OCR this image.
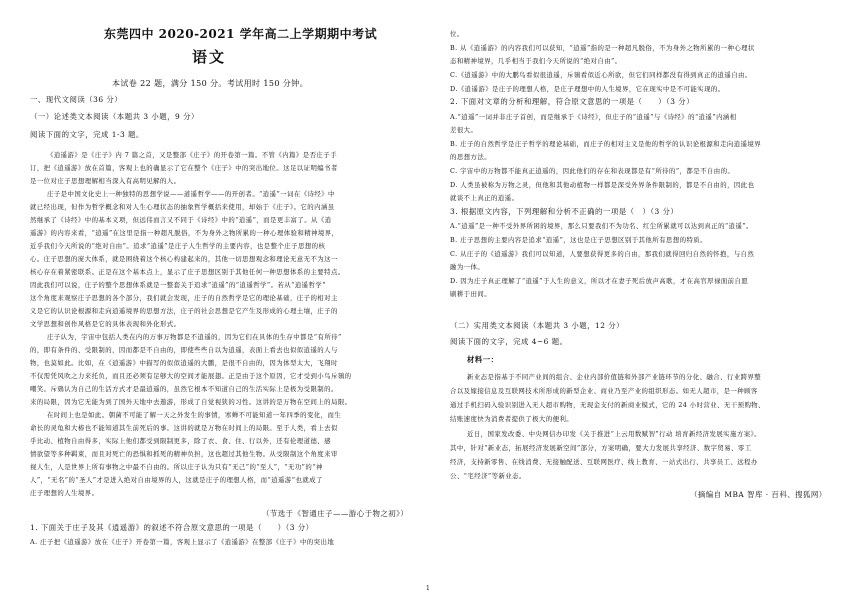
东莞四中 2020-2021 学年高二上学期期中考试
语文
本试卷 22 题，满分 150 分。考试用时 150 分钟。
一、现代文阅读（36 分）
（一）论述类文本阅读（本题共 3 小题，9 分）
阅读下面的文字，完成 1-3 题。
《逍遥游》是《庄子》内 7 篇之首，又是整部《庄子》的开卷第一篇。不管《内篇》是否庄子手
订，把《逍遥游》放在首篇，客观上也的确显示了它在整个《庄子》中的突出地位。这足以证明编书者
是一位对庄子思想理解相当深入有高明见解的人。
庄子是中国文化史上一种独特的思想学说——道遥哲学——的开创者。“逍遥”一词在《诗经》中
就已经出现，但作为哲学概念和对人生心理状态的抽象哲学概括来使用，却始于《庄子》。它的内涵虽
然继承了《诗经》中的基本义项，但远伟而言又不同于《诗经》中的“逍遥”，而是更丰富了。从《逍
遥游》的内容来看，“逍遥”在这里是指一种超凡脱俗，不为身外之物所累的一种心理体验和精神境界，
近乎我们今天所说的“绝对自由”。追求“逍遥”是庄子人生哲学的主要内容，也是整个庄子思想的核
心。庄子思想的庞大体系，就是围绕着这个核心构建起来的，其他一切思想观念和理论无意无不为这一
核心存在着紧密联系。正是在这个基本点上，显示了庄子思想区别于其他任何一种思想体系的主要特点。
因此我们可以说，庄子的整个思想体系就是一整套关于追求“逍遥”的“逍遥哲学”。若从“逍遥哲学”
这个角度来观察庄子思想的各个部分，我们就会发现，庄子的自然哲学是它的理论基础，庄子的相对主
义是它的认识论根源和走向逍遥境界的思想方法，庄子的社会思想是它产生及形成的心理土壤，庄子的
文学思想和创作风格是它的具体表现和外化形式。
庄子认为，宇宙中包括人类在内的万事万物都是不逍遥的，因为它们在具体的生存中都是“有所待”
的，即有条件的、受限制的，因而都是不自由的，即使些些自以为逍遥，表面上看去也似似逍遥的人与
物，也莫如此。比如，在《逍遥游》中描写的似似逍遥的大鹏，是很不自由的，因为体型太大，飞翔时
不仅需凭风吹之力来托负，而且还必须有足够大的空间才能展翅。正是由于这个原因，它才受到小鸟斥鴳的
嘲笑。斥鴳认为自己的生活方式才是最逍遥的，虽然它根本不知道自己的生活实际上是极为受限制的。
来的局限，因为它无能为到了国外天地中去遨游，形成了自觉视狭的习性。这讲的是万物在空间上的局限。
在时间上也是如此。朝菌不可能了解一天之外发生的事情，寒蝉不可能知道一年四季的变化，而生
命长的灵龟和大椿也不能知道其生前死后的事。这讲的就是万物在时间上的局限。至于人类，看上去似
乎比动、植物自由得多，实际上他们都受到限制更多，除了衣、食、住、行以外，还有伦理道德、感
情欲望等多种羁束，而且对死亡的恐惧和抓死的精神负担，这也超过其他生物。从受限制这个角度来审
视人生，人是世界上所有事物之中最不自由的。所以庄子认为只有“无己”的“至人”，“无功”的“神
人”，“无名”的“圣人”才是进入绝对自由境界的人，这就是庄子的理想人格，而“逍遥游”也就成了
庄子理想的人生境界。
（节选于《智通庄子——游心于物之初》）
1. 下面关于庄子及其《逍遥游》的叙述不符合原文意思的一项是（　　）（3 分）
A. 庄子把《逍遥游》放在《庄子》开卷第一篇，客观上显示了《逍遥游》在整部《庄子》中的突出地
位。
B. 从《逍遥游》的内容我们可以获知，“逍遥”指的是一种超凡脱俗，不为身外之物所累的一种心理状
态和精神境界，几乎相当于我们今天所说的“绝对自由”。
C.《逍遥游》中的大鹏鸟看似很逍遥，斥鴳看似近心所欲，但它们同样都没有得到真正的逍遥自由。
D.《逍遥游》是庄子的理想人格，是庄子理想中的人生境界，它在现实中是不可能实现的。
2. 下面对文章的分析和理解，符合原文意思的一项是（　　）（3 分）
A.“逍遥”一词并非庄子首创，而是继承于《诗经》，但庄子的“逍遥”与《诗经》的“逍遥”内涵相
差很大。
B. 庄子的自然哲学是庄子哲学的理论基础，而庄子的相对主义是他的哲学的认识论根源和走向逍遥境界
的思想方法。
C. 宇宙中的万物都不能真正逍遥的，因此他们的存在和表现都是有“所待的”，都是不自由的。
D. 人类虽被称为万物之灵，但他和其他动植物一样都是深受外界条件限制的，都是不自由的，因此也
就谈不上真正的逍遥。
3. 根据原文内容，下列理解和分析不正确的一项是（　）（3 分）
A.“逍遥”是一种不受外界所困的境界，那么只要我们不为功名、红尘所累就可以达到真正的“逍遥”。
B. 庄子思想的主要内容是追求“逍遥”，这也是庄子思想区别于其他所有思想的特质。
C. 从庄子的《逍遥游》我们可以知道，人要想获得更多的自由，那我们就得回归自然的怀抱，与自然
融为一体。
D. 因为庄子真正理解了“逍遥”于人生的意义，所以才在妻子死后放声高歌，才在高官厚禄面前自愿
刷耕于田间。
（二）实用类文本阅读（本题共 3 小题，12 分）
阅读下面的文字，完成 4~6 题。
材料一：
新业态是指基于不同产业间的组合、企业内部价值链和外部产业链环节的分化、融合、行业跨界整
合以及嫁接信息及互联网技术所形成的新型企业、商业乃至产业的组织形态。如无人超市，是一种顾客
通过手机扫码入验识别进入无人超市购物，无现金支付的新商业模式，它的 24 小时营业、无干预购物、
结账速度快为消费者提供了极大的便利。
近日，国家发改委、中央网信办印发《关于推进“上云用数赋智”行动 培育新经济发展实施方案》。
其中，针对“新业态，拓展经济发展新空间”部分，方案明确，要大力发展共享经济、数字贸易、零工
经济，支持新零售、在线消费、无接触配送、互联网医疗、线上教育、一站式出行、共享员工、远程办
公、“宅经济”等新业态。
（摘编自 MBA 智库 · 百科、搜狐网）
1
